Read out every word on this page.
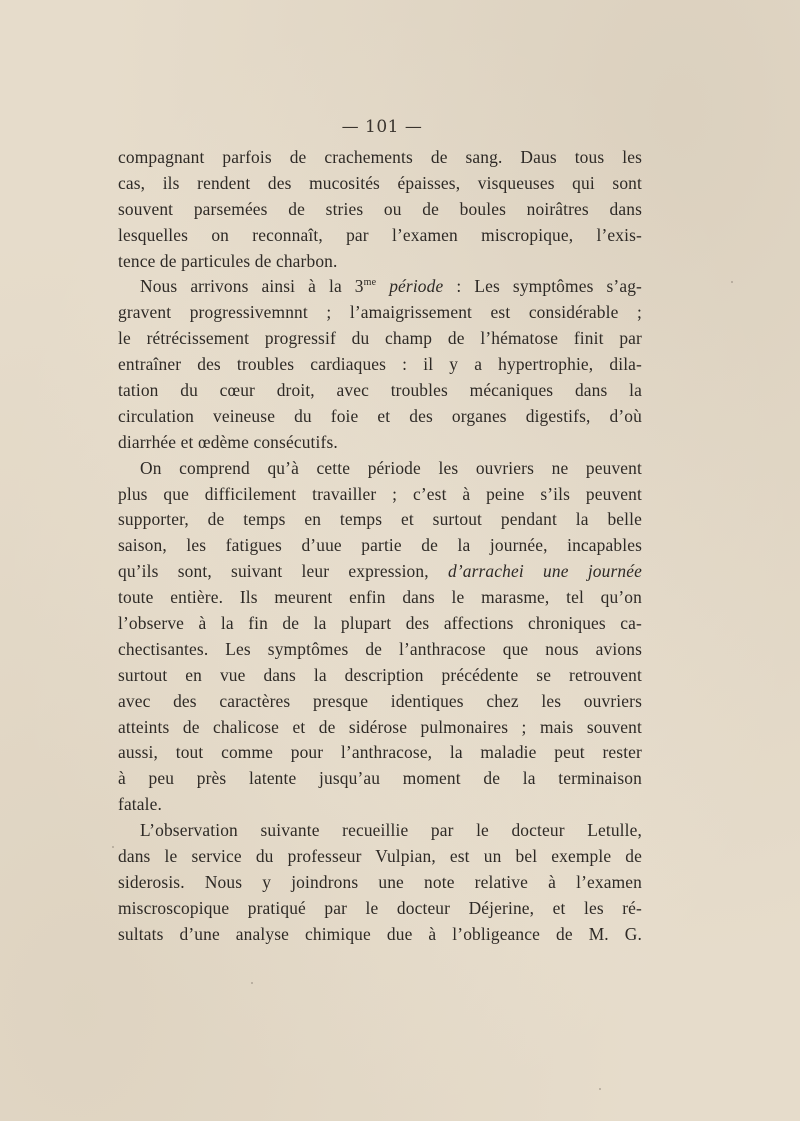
— 101 —
compagnant parfois de crachements de sang. Daus tous les
cas, ils rendent des mucosités épaisses, visqueuses qui sont
souvent parsemées de stries ou de boules noirâtres dans
lesquelles on reconnaît, par l’examen miscropique, l’exis-
tence de particules de charbon.
Nous arrivons ainsi à la $3^{me}$ période : Les symptômes s’ag-
gravent progressivemnnt ; l’amaigrissement est considérable ;
le rétrécissement progressif du champ de l’hématose finit par
entraîner des troubles cardiaques : il y a hypertrophie, dila-
tation du cœur droit, avec troubles mécaniques dans la
circulation veineuse du foie et des organes digestifs, d’où
diarrhée et œdème consécutifs.
On comprend qu’à cette période les ouvriers ne peuvent
plus que difficilement travailler ; c’est à peine s’ils peuvent
supporter, de temps en temps et surtout pendant la belle
saison, les fatigues d’uue partie de la journée, incapables
qu’ils sont, suivant leur expression, d’arrachei une journée
toute entière. Ils meurent enfin dans le marasme, tel qu’on
l’observe à la fin de la plupart des affections chroniques ca-
chectisantes. Les symptômes de l’anthracose que nous avions
surtout en vue dans la description précédente se retrouvent
avec des caractères presque identiques chez les ouvriers
atteints de chalicose et de sidérose pulmonaires ; mais souvent
aussi, tout comme pour l’anthracose, la maladie peut rester
à peu près latente jusqu’au moment de la terminaison
fatale.
L’observation suivante recueillie par le docteur Letulle,
dans le service du professeur Vulpian, est un bel exemple de
siderosis. Nous y joindrons une note relative à l’examen
miscroscopique pratiqué par le docteur Déjerine, et les ré-
sultats d’une analyse chimique due à l’obligeance de M. G.
